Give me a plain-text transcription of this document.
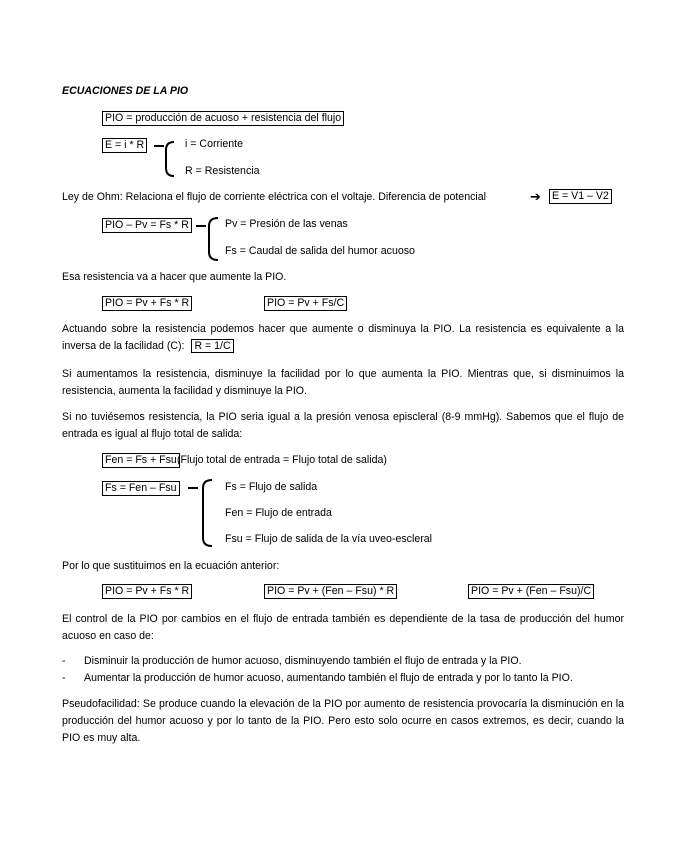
ECUACIONES DE LA PIO
PIO = producción de acuoso + resistencia del flujo
E = i * R	i = Corriente
R = Resistencia
Ley de Ohm: Relaciona el flujo de corriente eléctrica con el voltaje. Diferencia de potencial	➔ E = V1 – V2
PIO – Pv = Fs * R	Pv = Presión de las venas
Fs = Caudal de salida del humor acuoso
Esa resistencia va a hacer que aumente la PIO.
PIO = Pv + Fs * R	PIO = Pv + Fs/C
Actuando sobre la resistencia podemos hacer que aumente o disminuya la PIO. La resistencia es equivalente a la inversa de la facilidad (C): R = 1/C
Si aumentamos la resistencia, disminuye la facilidad por lo que aumenta la PIO. Mientras que, si disminuimos la resistencia, aumenta la facilidad y disminuye la PIO.
Si no tuviésemos resistencia, la PIO seria igual a la presión venosa episcleral (8-9 mmHg). Sabemos que el flujo de entrada es igual al flujo total de salida:
Fen = Fs + Fsu (Flujo total de entrada = Flujo total de salida)
Fs = Fen – Fsu	Fs = Flujo de salida
Fen = Flujo de entrada
Fsu = Flujo de salida de la vía uveo-escleral
Por lo que sustituimos en la ecuación anterior:
PIO = Pv + Fs * R	PIO = Pv + (Fen – Fsu) * R	PIO = Pv + (Fen – Fsu)/C
El control de la PIO por cambios en el flujo de entrada también es dependiente de la tasa de producción del humor acuoso en caso de:
- Disminuir la producción de humor acuoso, disminuyendo también el flujo de entrada y la PIO.
- Aumentar la producción de humor acuoso, aumentando también el flujo de entrada y por lo tanto la PIO.
Pseudofacilidad: Se produce cuando la elevación de la PIO por aumento de resistencia provocaría la disminución en la producción del humor acuoso y por lo tanto de la PIO. Pero esto solo ocurre en casos extremos, es decir, cuando la PIO es muy alta.
